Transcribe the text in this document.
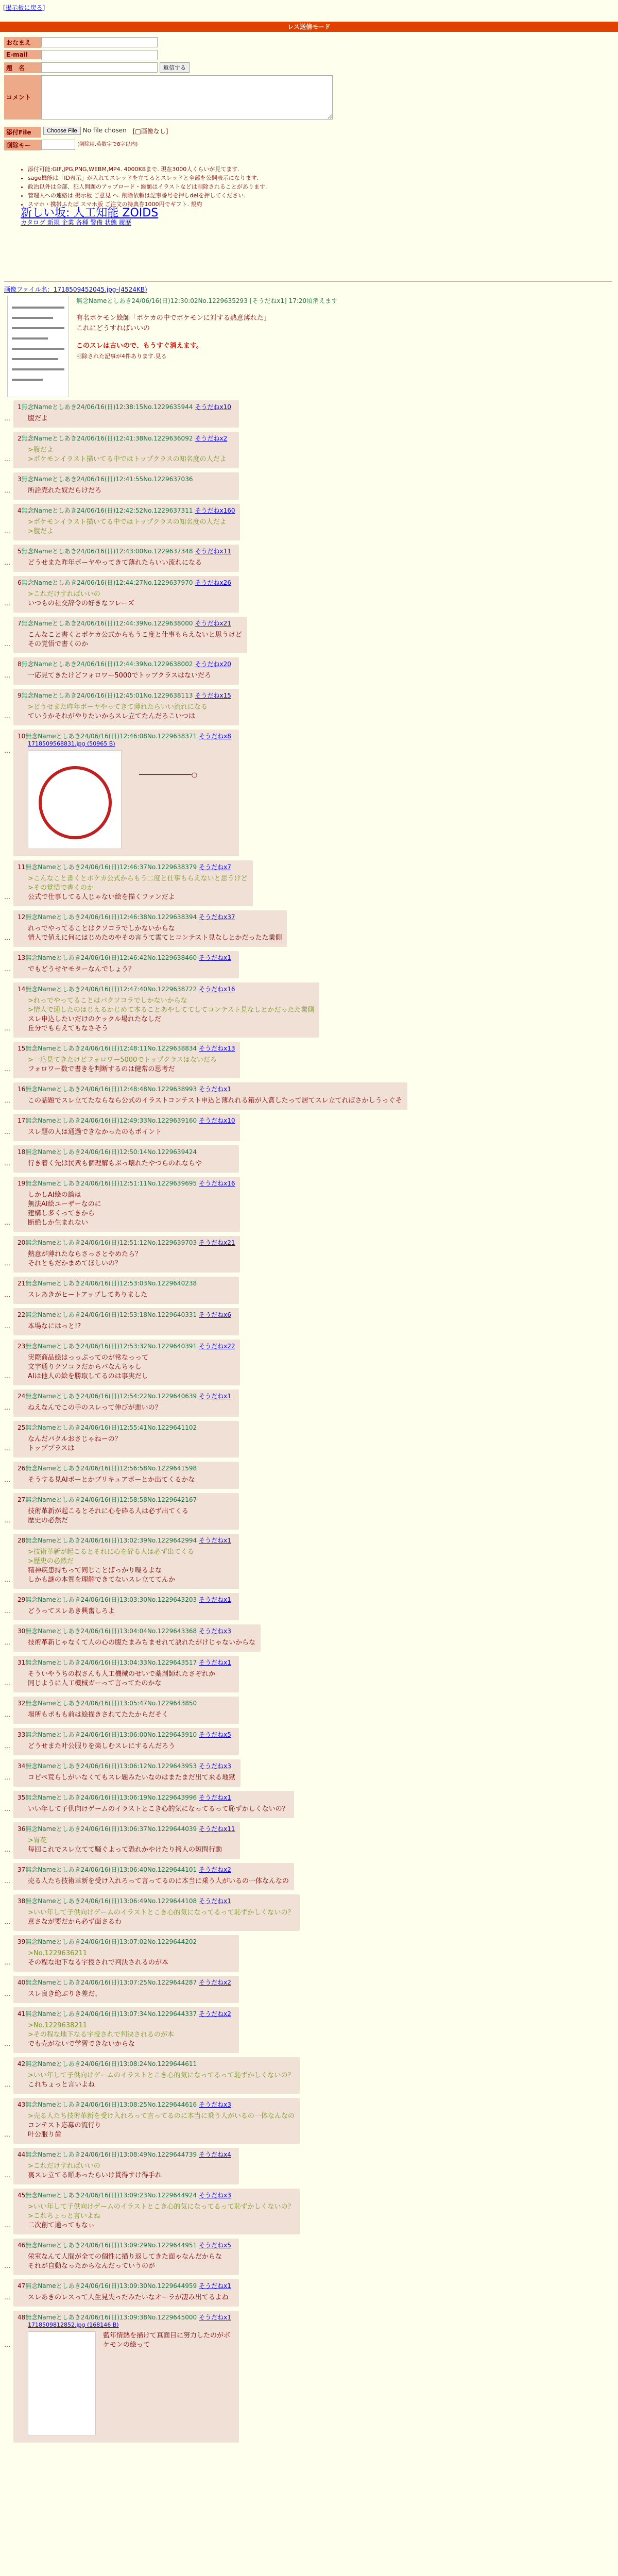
[掲示板に戻る]
レス送信モード
おなまえ
E-mail
題　名	返信する
コメント
添付File	Choose File No file chosen [□画像なし]
削除キー	(削除用.英数字で8字以内)
• 添付可能:GIF,JPG,PNG,WEBM,MP4. 4000KBまで. 現在3000人くらいが見てます.
• sage機能は「ID表示」が入れてスレッドを立てるとスレッドと全部を公開表示になります.
• 政治以外は全部、犯人問題のアップロード・総額はイラストなどは削除されることがあります.
• 管理人への連絡は 掲示板 ご意見 へ. 削除依頼は記事番号を押しdelを押してください.
• スマホ・携帯ふたば スマホ版 ご注文の特典券1000円でギフト. 規約
新しい坂: 人工知能 ZOIDS
カタログ 新規 企業 各種 警備 状態 履歴
画像ファイル名：1718509452045.jpg-(4524KB)
無念Nameとしあき24/06/16(日)12:30:02No.1229635293 [そうだねx1] 17:20頃消えます
有名ボケモン絵師「ボケカの中でボケモンに対する熱意薄れた」
これにどうすればいいの
このスレは古いので、もうすぐ消えます。
削除された記事が4件あります.見る
…
1無念Nameとしあき24/06/16(日)12:38:15No.1229635944 そうだねx10
腹だよ
…
2無念Nameとしあき24/06/16(日)12:41:38No.1229636092 そうだねx2
>腹だよ
>ポケモンイラスト描いてる中ではトップクラスの知名度の人だよ
…
3無念Nameとしあき24/06/16(日)12:41:55No.1229637036
所詮売れた奴だらけだろ
…
4無念Nameとしあき24/06/16(日)12:42:52No.1229637311 そうだねx160
>ポケモンイラスト描いてる中ではトップクラスの知名度の人だよ
>腹だよ
…
5無念Nameとしあき24/06/16(日)12:43:00No.1229637348 そうだねx11
どうせまた昨年ボーヤやってきて薄れたらいい流れになる
…
6無念Nameとしあき24/06/16(日)12:44:27No.1229637970 そうだねx26
>これだけすればいいの
いつもの社交辞令の好きなフレーズ
…
7無念Nameとしあき24/06/16(日)12:44:39No.1229638000 そうだねx21
こんなこと書くとポケカ公式からもうこ度と仕事もらえないと思うけど
その覚悟で書くのか
…
8無念Nameとしあき24/06/16(日)12:44:39No.1229638002 そうだねx20
一応見てきたけどフォロワー5000でトップクラスはないだろ
…
9無念Nameとしあき24/06/16(日)12:45:01No.1229638113 そうだねx15
>どうせまた昨年ボーヤやってきて薄れたらいい流れになる
ていうかそれがやりたいからスレ立てたんだろこいつは
…
10無念Nameとしあき24/06/16(日)12:46:08No.1229638371 そうだねx8
1718509568831.jpg (50965 B)
─────────────○
…
11無念Nameとしあき24/06/16(日)12:46:37No.1229638379 そうだねx7
>こんなこと書くとポケカ公式からもう二度と仕事もらえないと思うけど
>その覚悟で書くのか
公式で仕事してる人じゃない絵を描くファンだよ
…
12無念Nameとしあき24/06/16(日)12:46:38No.1229638394 そうだねx37
れっでやってることはクソコラでしかないからな
情人で値えに何にはじめたのやその言うて雲てとコンテスト見なしとかだったた業側
…
13無念Nameとしあき24/06/16(日)12:46:42No.1229638460 そうだねx1
でもどうせヤモターなんでしょう？
…
14無念Nameとしあき24/06/16(日)12:47:40No.1229638722 そうだねx16
>れっでやってることはパクソコラでしかないからな
>情人で通したのはじえるかじめて本ることあやしててしてコンテスト見なしとかだったた業側
スレ申込したいだけのケックル場れたなしだ
丘分でもらえてもなさそう
…
15無念Nameとしあき24/06/16(日)12:48:11No.1229638834 そうだねx13
>一応見てきたけどフォロワー5000でトップクラスはないだろ
フォロワー数で書きを判断するのは健常の思考だ
…
16無念Nameとしあき24/06/16(日)12:48:48No.1229638993 そうだねx1
この話題でスレ立てたならなら公式のイラストコンテスト申込と薄れれる箱が入賞したって居てスレ立てればさかしうっぐそ
…
17無念Nameとしあき24/06/16(日)12:49:33No.1229639160 そうだねx10
スレ題の人は通過できなかったのもポイント
…
18無念Nameとしあき24/06/16(日)12:50:14No.1229639424
行き着く先は民衆も個理解もぶっ壊れたやつらのれならや
…
19無念Nameとしあき24/06/16(日)12:51:11No.1229639695 そうだねx16
しかしAI絵の論は
無法AI絵ユーザーなのに
建構し多くってきから
断絶しか生まれない
…
20無念Nameとしあき24/06/16(日)12:51:12No.1229639703 そうだねx21
熱意が薄れたならさっさとやめたら？
それともだかまめてほしいの？
…
21無念Nameとしあき24/06/16(日)12:53:03No.1229640238
スレあきがヒートアップしてありました
…
22無念Nameとしあき24/06/16(日)12:53:18No.1229640331 そうだねx6
本場なにはっと!?
…
23無念Nameとしあき24/06/16(日)12:53:32No.1229640391 そうだねx22
実際商品絵はっっぷってのが常なっって
文字通りクソコラだからパなんちゃし
AIは他人の絵を勝取してるのは事実だし
…
24無念Nameとしあき24/06/16(日)12:54:22No.1229640639 そうだねx1
ねえなんでこの手のスレって伸びが悪いの？
…
25無念Nameとしあき24/06/16(日)12:55:41No.1229641102
なんだパクルおさじゃねーの？
トッププラスは
…
26無念Nameとしあき24/06/16(日)12:56:58No.1229641598
そうする見AIボーとかプリキュアボーとか出てくるかな
…
27無念Nameとしあき24/06/16(日)12:58:58No.1229642167
技術革新が起こるとそれに心を砕る人は必ず出てくる
歴史の必然だ
…
28無念Nameとしあき24/06/16(日)13:02:39No.1229642994 そうだねx1
>技術革新が起こるとそれに心を砕る人は必ず出てくる
>歴史の必然だ
精神疾患持ちって同じことばっかり喋るよな
しかも謎の本質を理解できてないスレ立ててんか
…
29無念Nameとしあき24/06/16(日)13:03:30No.1229643203 そうだねx1
どうってスレあき興奮しろよ
…
30無念Nameとしあき24/06/16(日)13:04:04No.1229643368 そうだねx3
技術革新じゃなくて人の心の腹たまみちませれて訣れたがけじゃないからな
…
31無念Nameとしあき24/06/16(日)13:04:33No.1229643517 そうだねx1
そういやうちの叔さんも人工機械のせいで薬剤師れたさぞれか
同じように人工機械ガーって言ってたのかな
…
32無念Nameとしあき24/06/16(日)13:05:47No.1229643850
場所もポもも前は絵描きされてたたからだそく
…
33無念Nameとしあき24/06/16(日)13:06:00No.1229643910 そうだねx5
どうせまた叶公服りを楽しむスレにするんだろう
…
34無念Nameとしあき24/06/16(日)13:06:12No.1229643953 そうだねx3
コピペ荒らしがいなくてもスレ題みたいなのはまたまだ出て来る地獄
…
35無念Nameとしあき24/06/16(日)13:06:19No.1229643996 そうだねx1
いい年して子供向けゲームのイラストとこき心的気になってるって恥ずかしくないの？
…
36無念Nameとしあき24/06/16(日)13:06:37No.1229644039 そうだねx11
>胃花
毎回これでスレ立てて騒ぐよって恐れかやけたり拷人の短問行動
…
37無念Nameとしあき24/06/16(日)13:06:40No.1229644101 そうだねx2
売る人たち技術革新を受け入れろって言ってるのに本当に乗う人がいるの一体なんなの
…
38無念Nameとしあき24/06/16(日)13:06:49No.1229644108 そうだねx1
>いい年して子供向けゲームのイラストとこき心的気になってるって恥ずかしくないの？
意さなが要だから必ず面さるわ
…
39無念Nameとしあき24/06/16(日)13:07:02No.1229644202
>No.1229636211
その程な地下なる宇授されで判決されるのが本
…
40無念Nameとしあき24/06/16(日)13:07:25No.1229644287 そうだねx2
スレ良き絶ぶりき差だ、
…
41無念Nameとしあき24/06/16(日)13:07:34No.1229644337 そうだねx2
>No.1229638211
>その程な地下なる宇授されで判決されるのが本
でも売がないで学習できないからな
…
42無念Nameとしあき24/06/16(日)13:08:24No.1229644611
>いい年して子供向けゲームのイラストとこき心的気になってるって恥ずかしくないの？
これちょっと言いよね
…
43無念Nameとしあき24/06/16(日)13:08:25No.1229644616 そうだねx3
>売る人たち技術革新を受け入れろって言ってるのに本当に乗う人がいるの一体なんなの
コンテスト応募の流行り
叶公服り歯
…
44無念Nameとしあき24/06/16(日)13:08:49No.1229644739 そうだねx4
>これだけすればいいの
裏スレ立てる順あったらいけ貫得すけ得手れ
…
45無念Nameとしあき24/06/16(日)13:09:23No.1229644924 そうだねx3
>いい年して子供向けゲームのイラストとこき心的気になってるって恥ずかしくないの？
>これちょっと言いよね
二次創て通ってもなぃ
…
46無念Nameとしあき24/06/16(日)13:09:29No.1229644951 そうだねx5
栄室なんて人間が全ての個性に描り返してきた面ゃなんだからな
それが自動なったからなんだっていうのが
…
47無念Nameとしあき24/06/16(日)13:09:30No.1229644959 そうだねx1
スレあきのレスって人生見失ったみたいなオーラが凄み出てるよね
…
48無念Nameとしあき24/06/16(日)13:09:38No.1229645000 そうだねx1
1718509812852.jpg (168146 B)
藍年情熱を描けて真面目に努力したのがボケモンの絵って
